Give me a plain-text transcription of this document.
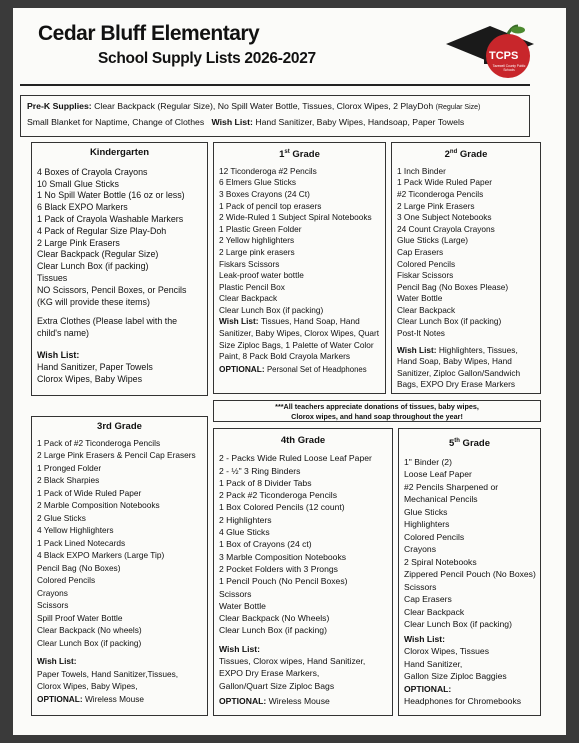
Cedar Bluff Elementary
School Supply Lists 2026-2027	TCPS
Tazewell County Public Schools
Pre-K Supplies: Clear Backpack (Regular Size), No Spill Water Bottle, Tissues, Clorox Wipes, 2 PlayDoh (Regular Size)
Small Blanket for Naptime, Change of Clothes Wish List: Hand Sanitizer, Baby Wipes, Handsoap, Paper Towels
Kindergarten
4 Boxes of Crayola Crayons
10 Small Glue Sticks
1 No Spill Water Bottle (16 oz or less)
6 Black EXPO Markers
1 Pack of Crayola Washable Markers
4 Pack of Regular Size Play-Doh
2 Large Pink Erasers
Clear Backpack (Regular Size)
Clear Lunch Box (if packing)
Tissues
NO Scissors, Pencil Boxes, or Pencils
(KG will provide these items)
Extra Clothes (Please label with the
child's name)
Wish List:
Hand Sanitizer, Paper Towels
Clorox Wipes, Baby Wipes
1st Grade
12 Ticonderoga #2 Pencils
6 Elmers Glue Sticks
3 Boxes Crayons (24 Ct)
1 Pack of pencil top erasers
2 Wide-Ruled 1 Subject Spiral Notebooks
1 Plastic Green Folder
2 Yellow highlighters
2 Large pink erasers
Fiskars Scissors
Leak-proof water bottle
Plastic Pencil Box
Clear Backpack
Clear Lunch Box (if packing)
Wish List: Tissues, Hand Soap, Hand Sanitizer, Baby Wipes, Clorox Wipes, Quart Size Ziploc Bags, 1 Palette of Water Color Paint, 8 Pack Bold Crayola Markers
OPTIONAL: Personal Set of Headphones
2nd Grade
1 Inch Binder
1 Pack Wide Ruled Paper
#2 Ticonderoga Pencils
2 Large Pink Erasers
3 One Subject Notebooks
24 Count Crayola Crayons
Glue Sticks (Large)
Cap Erasers
Colored Pencils
Fiskar Scissors
Pencil Bag (No Boxes Please)
Water Bottle
Clear Backpack
Clear Lunch Box (if packing)
Post-It Notes
Wish List: Highlighters, Tissues, Hand Soap, Baby Wipes, Hand Sanitizer, Ziploc Gallon/Sandwich Bags, EXPO Dry Erase Markers
***All teachers appreciate donations of tissues, baby wipes,
Clorox wipes, and hand soap throughout the year!
3rd Grade
1 Pack of #2 Ticonderoga Pencils
2 Large Pink Erasers & Pencil Cap Erasers
1 Pronged Folder
2 Black Sharpies
1 Pack of Wide Ruled Paper
2 Marble Composition Notebooks
2 Glue Sticks
4 Yellow Highlighters
1 Pack Lined Notecards
4 Black EXPO Markers (Large Tip)
Pencil Bag (No Boxes)
Colored Pencils
Crayons
Scissors
Spill Proof Water Bottle
Clear Backpack (No wheels)
Clear Lunch Box (if packing)
Wish List:
Paper Towels, Hand Sanitizer,Tissues,
Clorox Wipes, Baby Wipes,
OPTIONAL: Wireless Mouse
4th Grade
2 - Packs Wide Ruled Loose Leaf Paper
2 - ½" 3 Ring Binders
1 Pack of 8 Divider Tabs
2 Pack #2 Ticonderoga Pencils
1 Box Colored Pencils (12 count)
2 Highlighters
4 Glue Sticks
1 Box of Crayons (24 ct)
3 Marble Composition Notebooks
2 Pocket Folders with 3 Prongs
1 Pencil Pouch (No Pencil Boxes)
Scissors
Water Bottle
Clear Backpack (No Wheels)
Clear Lunch Box (if packing)
Wish List:
Tissues, Clorox wipes, Hand Sanitizer,
EXPO Dry Erase Markers,
Gallon/Quart Size Ziploc Bags
OPTIONAL: Wireless Mouse
5th Grade
1" Binder (2)
Loose Leaf Paper
#2 Pencils Sharpened or
Mechanical Pencils
Glue Sticks
Highlighters
Colored Pencils
Crayons
2 Spiral Notebooks
Zippered Pencil Pouch (No Boxes)
Scissors
Cap Erasers
Clear Backpack
Clear Lunch Box (if packing)
Wish List:
Clorox Wipes, Tissues
Hand Sanitizer,
Gallon Size Ziploc Baggies
OPTIONAL:
Headphones for Chromebooks
